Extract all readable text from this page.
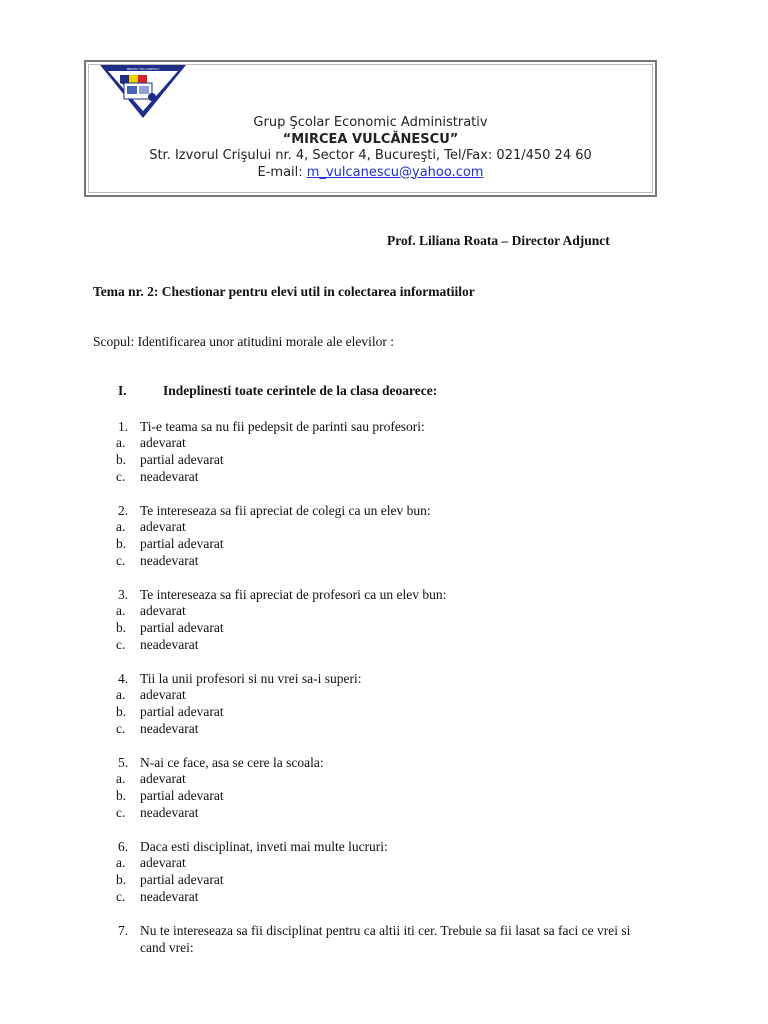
MIRCEA VULCANESCU
Grup Şcolar Economic Administrativ
“MIRCEA VULCĂNESCU”
Str. Izvorul Crişului nr. 4, Sector 4, Bucureşti, Tel/Fax: 021/450 24 60
E-mail: m_vulcanescu@yahoo.com
Prof. Liliana Roata – Director Adjunct
Tema nr. 2: Chestionar pentru elevi util in colectarea informatiilor
Scopul: Identificarea unor atitudini morale ale elevilor :
I.	Indeplinesti toate cerintele de la clasa deoarece:
1. Ti-e teama sa nu fii pedepsit de parinti sau profesori:
a. adevarat
b. partial adevarat
c. neadevarat
2. Te intereseaza sa fii apreciat de colegi ca un elev bun:
a. adevarat
b. partial adevarat
c. neadevarat
3. Te intereseaza sa fii apreciat de profesori ca un elev bun:
a. adevarat
b. partial adevarat
c. neadevarat
4. Tii la unii profesori si nu vrei sa-i superi:
a. adevarat
b. partial adevarat
c. neadevarat
5. N-ai ce face, asa se cere la scoala:
a. adevarat
b. partial adevarat
c. neadevarat
6. Daca esti disciplinat, inveti mai multe lucruri:
a. adevarat
b. partial adevarat
c. neadevarat
7. Nu te intereseaza sa fii disciplinat pentru ca altii iti cer. Trebuie sa fii lasat sa faci ce vrei si cand vrei:
